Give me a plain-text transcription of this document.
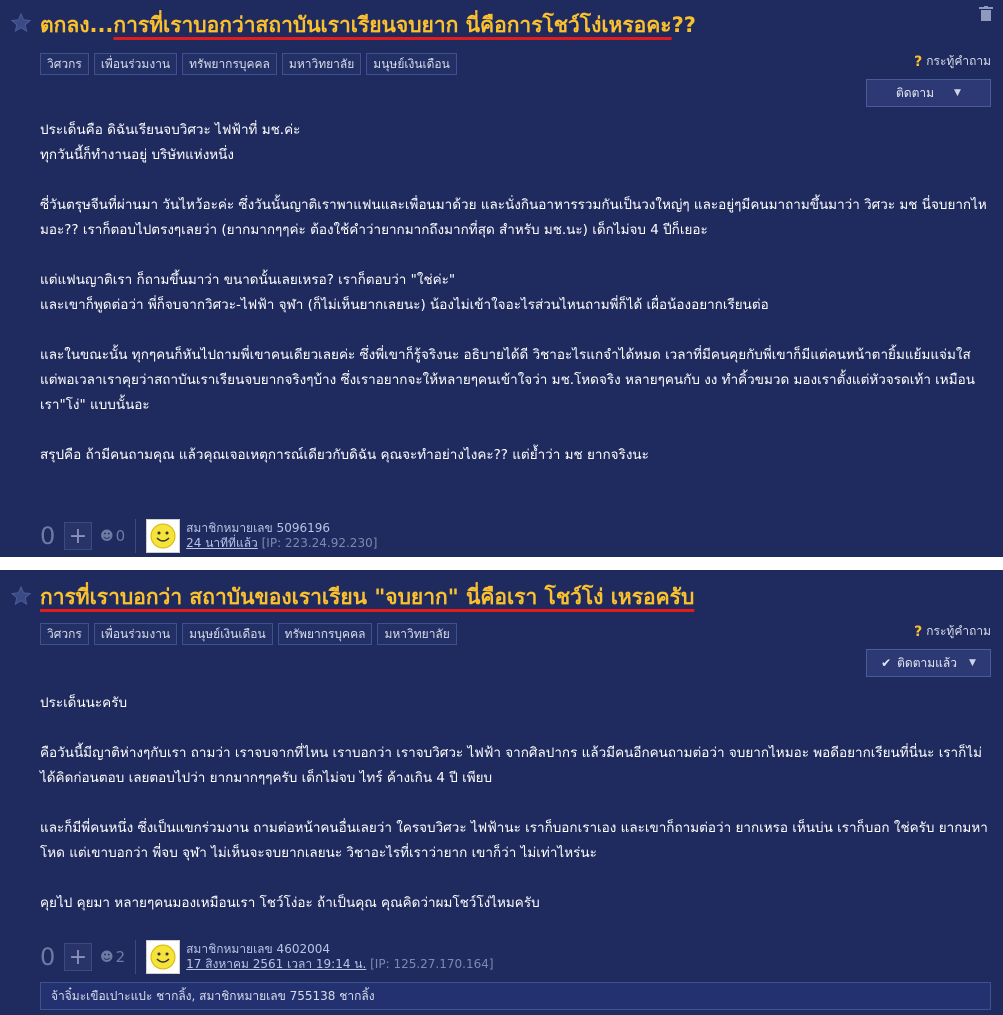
ตกลง...การที่เราบอกว่าสถาบันเราเรียนจบยาก นี่คือการโชว์โง่เหรอคะ??
วิศวกร	เพื่อนร่วมงาน	ทรัพยากรบุคคล	มหาวิทยาลัย	มนุษย์เงินเดือน	? กระทู้คำถาม
ติดตาม ▼

ประเด็นคือ ดิฉันเรียนจบวิศวะ ไฟฟ้าที่ มช.ค่ะ
ทุกวันนี้ก็ทำงานอยู่ บริษัทแห่งหนึ่ง

ซี่วันตรุษจีนที่ผ่านมา วันไหว้อะค่ะ ซึ่งวันนั้นญาติเราพาแฟนและเพื่อนมาด้วย และนั่งกินอาหารรวมกันเป็นวงใหญ่ๆ และอยู่ๆมีคนมาถามขึ้นมาว่า วิศวะ มช นี่จบยากไหมอะ?? เราก็ตอบไปตรงๆเลยว่า (ยากมากๆๆค่ะ ต้องใช้คำว่ายากมากถึงมากที่สุด สำหรับ มช.นะ) เด็กไม่จบ 4 ปีก็เยอะ

แต่แฟนญาติเรา ก็ถามขึ้นมาว่า ขนาดนั้นเลยเหรอ? เราก็ตอบว่า "ใช่ค่ะ"
และเขาก็พูดต่อว่า พี่ก็จบจากวิศวะ-ไฟฟ้า จุฬา (ก็ไม่เห็นยากเลยนะ) น้องไม่เข้าใจอะไรส่วนไหนถามพี่ก็ได้ เผื่อน้องอยากเรียนต่อ

และในขณะนั้น ทุกๆคนก็หันไปถามพี่เขาคนเดียวเลยค่ะ ซึ่งพี่เขาก็รู้จริงนะ อธิบายได้ดี วิชาอะไรแกจำได้หมด เวลาที่มีคนคุยกับพี่เขาก็มีแต่คนหน้าตายิ้มแย้มแจ่มใส แต่พอเวลาเราคุยว่าสถาบันเราเรียนจบยากจริงๆบ้าง ซึ่งเราอยากจะให้หลายๆคนเข้าใจว่า มช.โหดจริง หลายๆคนกับ งง ทำคิ้วขมวด มองเราตั้งแต่หัวจรดเท้า เหมือนเรา"โง่" แบบนั้นอะ

สรุปคือ ถ้ามีคนถามคุณ แล้วคุณเจอเหตุการณ์เดียวกับดิฉัน คุณจะทำอย่างไงคะ?? แต่ย้ำว่า มช ยากจริงนะ

0 + ☻ 0	สมาชิกหมายเลข 5096196
24 นาทีที่แล้ว [IP: 223.24.92.230]
การที่เราบอกว่า สถาบันของเราเรียน "จบยาก" นี่คือเรา โชว์โง่ เหรอครับ
วิศวกร	เพื่อนร่วมงาน	มนุษย์เงินเดือน	ทรัพยากรบุคคล	มหาวิทยาลัย	? กระทู้คำถาม
✔ ติดตามแล้ว ▼

ประเด็นนะครับ

คือวันนี้มีญาติห่างๆกับเรา ถามว่า เราจบจากที่ไหน เราบอกว่า เราจบวิศวะ ไฟฟ้า จากศิลปากร แล้วมีคนอีกคนถามต่อว่า จบยากไหมอะ พอดีอยากเรียนที่นี่นะ เราก็ไม่ได้คิดก่อนตอบ เลยตอบไปว่า ยากมากๆๆครับ เด็กไม่จบ ไทร์ ค้างเกิน 4 ปี เพียบ

และก็มีพี่คนหนึ่ง ซึ่งเป็นแขกร่วมงาน ถามต่อหน้าคนอื่นเลยว่า ใครจบวิศวะ ไฟฟ้านะ เราก็บอกเราเอง และเขาก็ถามต่อว่า ยากเหรอ เห็นบ่น เราก็บอก ใช่ครับ ยากมหาโหด แต่เขาบอกว่า พี่จบ จุฬา ไม่เห็นจะจบยากเลยนะ วิชาอะไรที่เราว่ายาก เขาก็ว่า ไม่เท่าไหร่นะ

คุยไป คุยมา หลายๆคนมองเหมือนเรา โชว์โง่อะ ถ้าเป็นคุณ คุณคิดว่าผมโชว์โง่ไหมครับ

0 + ☻ 2	สมาชิกหมายเลข 4602004
17 สิงหาคม 2561 เวลา 19:14 น. [IP: 125.27.170.164]
จ้าจิ๋มะเขือเปาะแปะ ชากลิ้ง, สมาชิกหมายเลข 755138 ชากลิ้ง
